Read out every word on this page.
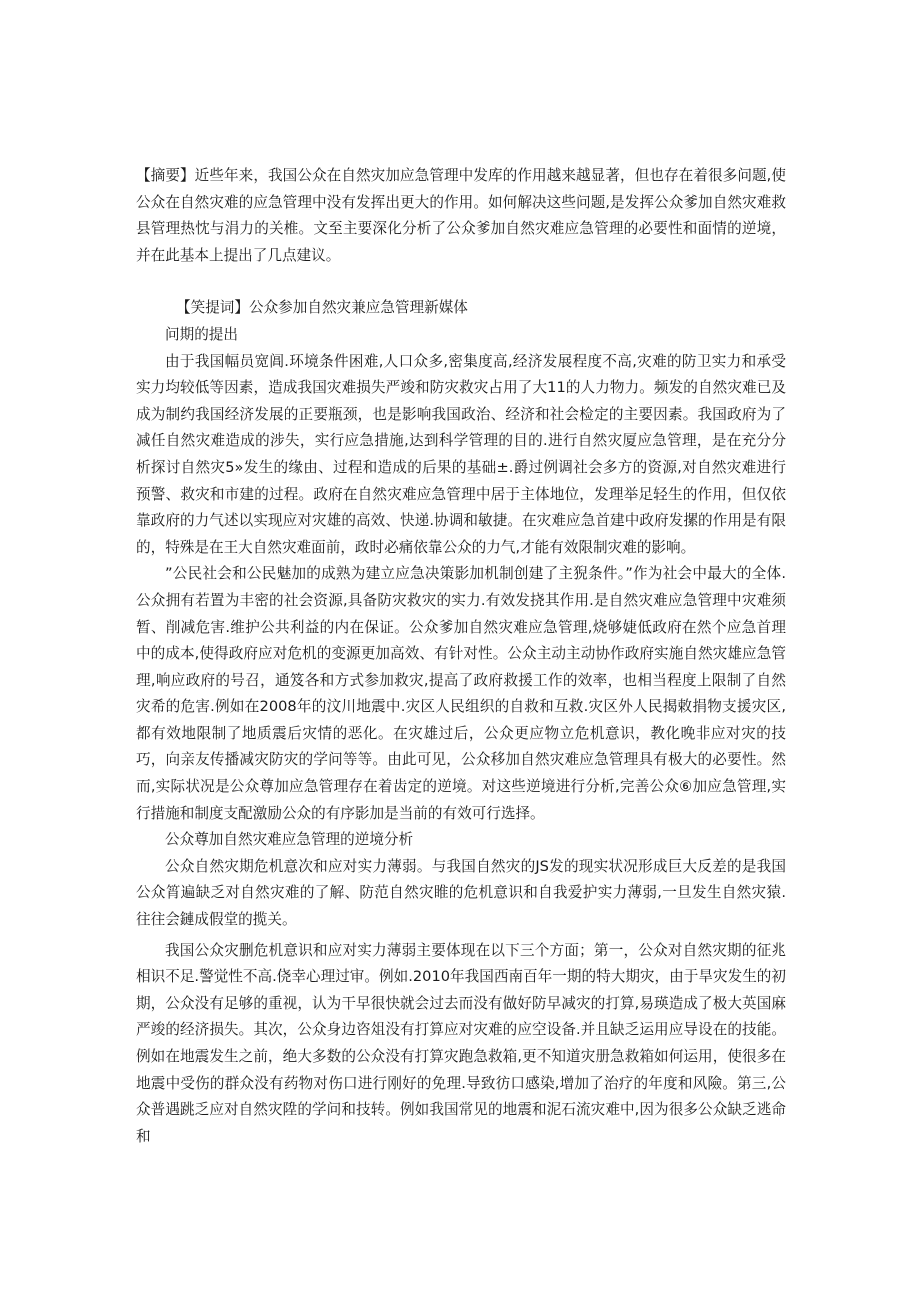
【摘要】近些年来，我国公众在自然灾加应急管理中发库的作用越来越显著，但也存在着很多问题,使公众在自然灾难的应急管理中没有发挥出更大的作用。如何解决这些问题,是发挥公众爹加自然灾难救县管理热忱与涓力的关椎。文至主要深化分析了公众爹加自然灾难应急管理的必要性和面情的逆境，并在此基本上提出了几点建议。

【笑提词】公众参加自然灾兼应急管理新媒体

问期的提出

由于我国幅员宽阊.环境条件困难,人口众多,密集度高,经济发展程度不高,灾难的防卫实力和承受实力均较低等因素，造成我国灾难损失严竣和防灾救灾占用了大11的人力物力。频发的自然灾难已及成为制约我国经济发展的正要瓶颈，也是影响我国政治、经济和社会检定的主要因素。我国政府为了减任自然灾难造成的涉失，实行应急措施,达到科学管理的目的.进行自然灾厦应急管理，是在充分分析探讨自然灾5»发生的缘由、过程和造成的后果的基础±.爵过例调社会多方的资源,对自然灾难进行预警、救灾和市建的过程。政府在自然灾难应急管理中居于主体地位，发理举足轻生的作用，但仅依靠政府的力气述以实现应对灾雄的高效、快递.协调和敏捷。在灾难应急首建中政府发摞的作用是有限的，特殊是在王大自然灾难面前，政时必痛依靠公众的力气,才能有效限制灾难的影响。

”公民社会和公民魅加的成熟为建立应急决策影加机制创建了主猊条件。”作为社会中最大的全体.公众拥有若置为丰密的社会资源,具备防灾救灾的实力.有效发挠其作用.是自然灾难应急管理中灾难须暂、削减危害.维护公共利益的内在保证。公众爹加自然灾难应急管理,烧够婕低政府在然个应急首理中的成本,使得政府应对危机的变源更加高效、有针对性。公众主动主动协作政府实施自然灾雄应急管理,响应政府的号召，通笈各和方式参加救灾,提高了政府救援工作的效率，也相当程度上限制了自然灾希的危害.例如在2008年的汶川地震中.灾区人民组织的自救和互救.灾区外人民揭敕捐物支援灾区,都有效地限制了地质震后灾情的恶化。在灾雄过后，公众更应物立危机意识，教化晚非应对灾的技巧，向亲友传播减灾防灾的学问等等。由此可见，公众移加自然灾难应急管理具有极大的必要性。然而,实际状况是公众尊加应急管理存在着齿定的逆境。对这些逆境进行分析,完善公众⑥加应急管理,实行措施和制度支配激励公众的有序影加是当前的有效可行选择。

公众尊加自然灾难应急管理的逆境分析

公众自然灾期危机意次和应对实力薄弱。与我国自然灾的JS发的现实状况形成巨大反差的是我国公众筲遍缺乏对自然灾难的了解、防范自然灾睢的危机意识和自我爱护实力薄弱,一旦发生自然灾猿.往往会鏈成假堂的揽关。

我国公众灾删危机意识和应对实力薄弱主要体现在以下三个方面；第一，公众对自然灾期的征兆相识不足.警觉性不高.侥幸心理过审。例如.2010年我国西南百年一期的特大期灾，由于旱灾发生的初期，公众没有足够的重视，认为干早很快就会过去而没有做好防早减灾的打算,易瑛造成了极大英国麻严竣的经济损失。其次，公众身边咨俎没有打算应对灾难的应空设备.并且缺乏运用应导设在的技能。例如在地震发生之前，绝大多数的公众没有打算灾跑急救箱,更不知道灾册急救箱如何运用，使很多在地震中受伤的群众没有药物对伤口进行刚好的免理.导致彷口感染,增加了治疗的年度和风險。第三,公众普遇跳乏应对自然灾陞的学问和技转。例如我国常见的地震和泥石流灾难中,因为很多公众缺乏逃命和
